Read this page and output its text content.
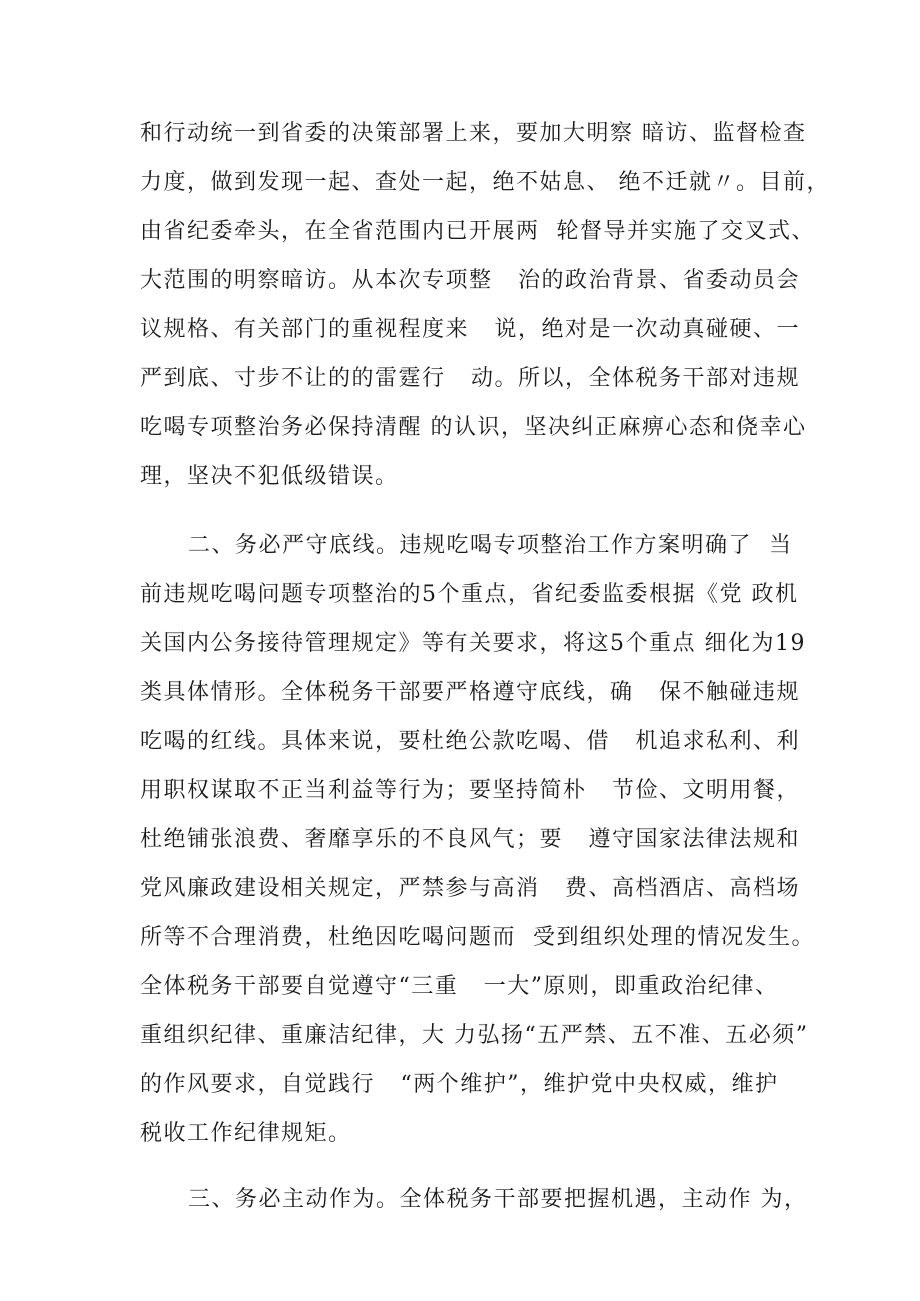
和行动统一到省委的决策部署上来，要加大明察 暗访、监督检查
力度，做到发现一起、查处一起，绝不姑息、 绝不迁就〃。目前，
由省纪委牵头，在全省范围内已开展两  轮督导并实施了交叉式、
大范围的明察暗访。从本次专项整   治的政治背景、省委动员会
议规格、有关部门的重视程度来   说，绝对是一次动真碰硬、一
严到底、寸步不让的的雷霆行   动。所以，全体税务干部对违规
吃喝专项整治务必保持清醒 的认识，坚决纠正麻痹心态和侥幸心
理，坚决不犯低级错误。
二、务必严守底线。违规吃喝专项整治工作方案明确了  当
前违规吃喝问题专项整治的5个重点，省纪委监委根据《党 政机
关国内公务接待管理规定》等有关要求，将这5个重点 细化为19
类具体情形。全体税务干部要严格遵守底线，确   保不触碰违规
吃喝的红线。具体来说，要杜绝公款吃喝、借   机追求私利、利
用职权谋取不正当利益等行为；要坚持简朴   节俭、文明用餐，
杜绝铺张浪费、奢靡享乐的不良风气；要   遵守国家法律法规和
党风廉政建设相关规定，严禁参与高消   费、高档酒店、高档场
所等不合理消费，杜绝因吃喝问题而  受到组织处理的情况发生。
全体税务干部要自觉遵守“三重   一大”原则，即重政治纪律、
重组织纪律、重廉洁纪律，大 力弘扬“五严禁、五不准、五必须”
的作风要求，自觉践行   “两个维护”，维护党中央权威，维护
税收工作纪律规矩。
三、务必主动作为。全体税务干部要把握机遇，主动作 为，
